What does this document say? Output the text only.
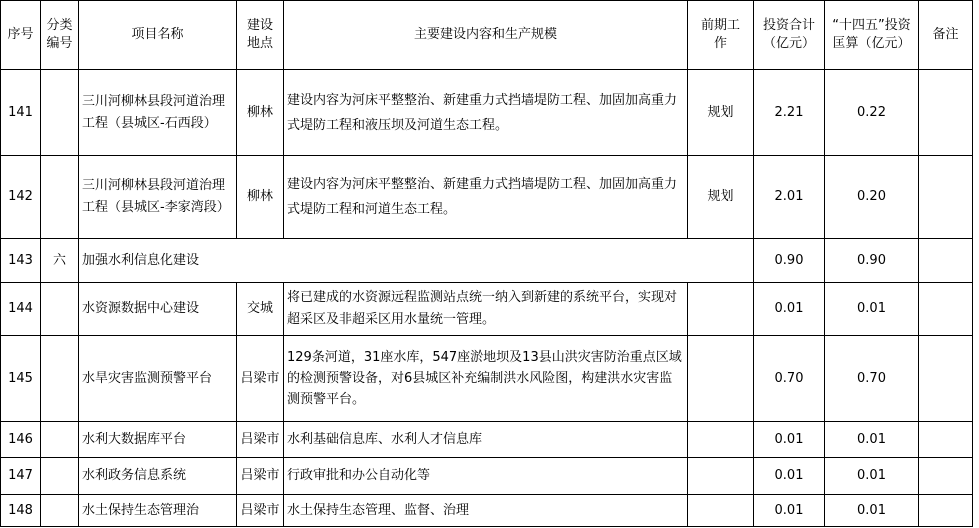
序号	分类编号	项目名称	建设地点	主要建设内容和生产规模	前期工作	投资合计（亿元）	“十四五”投资匡算（亿元）	备注
141		三川河柳林县段河道治理工程（县城区-石西段）	柳林	建设内容为河床平整整治、新建重力式挡墙堤防工程、加固加高重力式堤防工程和液压坝及河道生态工程。	规划	2.21	0.22	
142		三川河柳林县段河道治理工程（县城区-李家湾段）	柳林	建设内容为河床平整整治、新建重力式挡墙堤防工程、加固加高重力式堤防工程和河道生态工程。	规划	2.01	0.20	
143	六	加强水利信息化建设				0.90	0.90	
144		水资源数据中心建设	交城	将已建成的水资源远程监测站点统一纳入到新建的系统平台，实现对超采区及非超采区用水量统一管理。		0.01	0.01	
145		水旱灾害监测预警平台	吕梁市	129条河道，31座水库，547座淤地坝及13县山洪灾害防治重点区域的检测预警设备，对6县城区补充编制洪水风险图，构建洪水灾害监测预警平台。		0.70	0.70	
146		水利大数据库平台	吕梁市	水利基础信息库、水利人才信息库		0.01	0.01	
147		水利政务信息系统	吕梁市	行政审批和办公自动化等		0.01	0.01	
148		水土保持生态管理治	吕梁市	水土保持生态管理、监督、治理		0.01	0.01	
